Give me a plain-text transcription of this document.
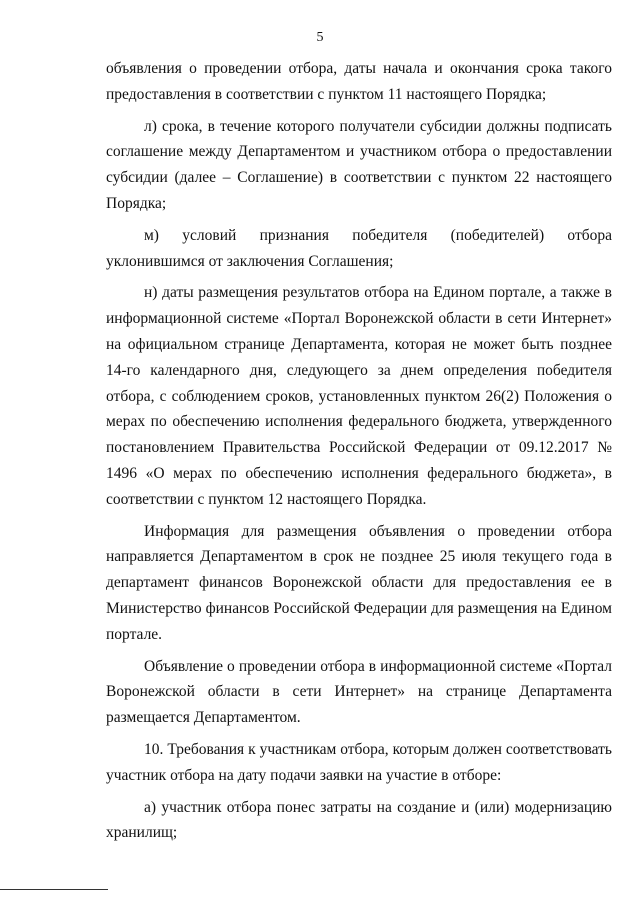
5

объявления о проведении отбора, даты начала и окончания срока такого предоставления в соответствии с пунктом 11 настоящего Порядка;

л) срока, в течение которого получатели субсидии должны подписать соглашение между Департаментом и участником отбора о предоставлении субсидии (далее – Соглашение) в соответствии с пунктом 22 настоящего Порядка;

м) условий признания победителя (победителей) отбора уклонившимся от заключения Соглашения;

н) даты размещения результатов отбора на Едином портале, а также в информационной системе «Портал Воронежской области в сети Интернет» на официальном странице Департамента, которая не может быть позднее 14-го календарного дня, следующего за днем определения победителя отбора, с соблюдением сроков, установленных пунктом 26(2) Положения о мерах по обеспечению исполнения федерального бюджета, утвержденного постановлением Правительства Российской Федерации от 09.12.2017 № 1496 «О мерах по обеспечению исполнения федерального бюджета», в соответствии с пунктом 12 настоящего Порядка.

Информация для размещения объявления о проведении отбора направляется Департаментом в срок не позднее 25 июля текущего года в департамент финансов Воронежской области для предоставления ее в Министерство финансов Российской Федерации для размещения на Едином портале.

Объявление о проведении отбора в информационной системе «Портал Воронежской области в сети Интернет» на странице Департамента размещается Департаментом.

10. Требования к участникам отбора, которым должен соответствовать участник отбора на дату подачи заявки на участие в отборе:

а) участник отбора понес затраты на создание и (или) модернизацию хранилищ;
